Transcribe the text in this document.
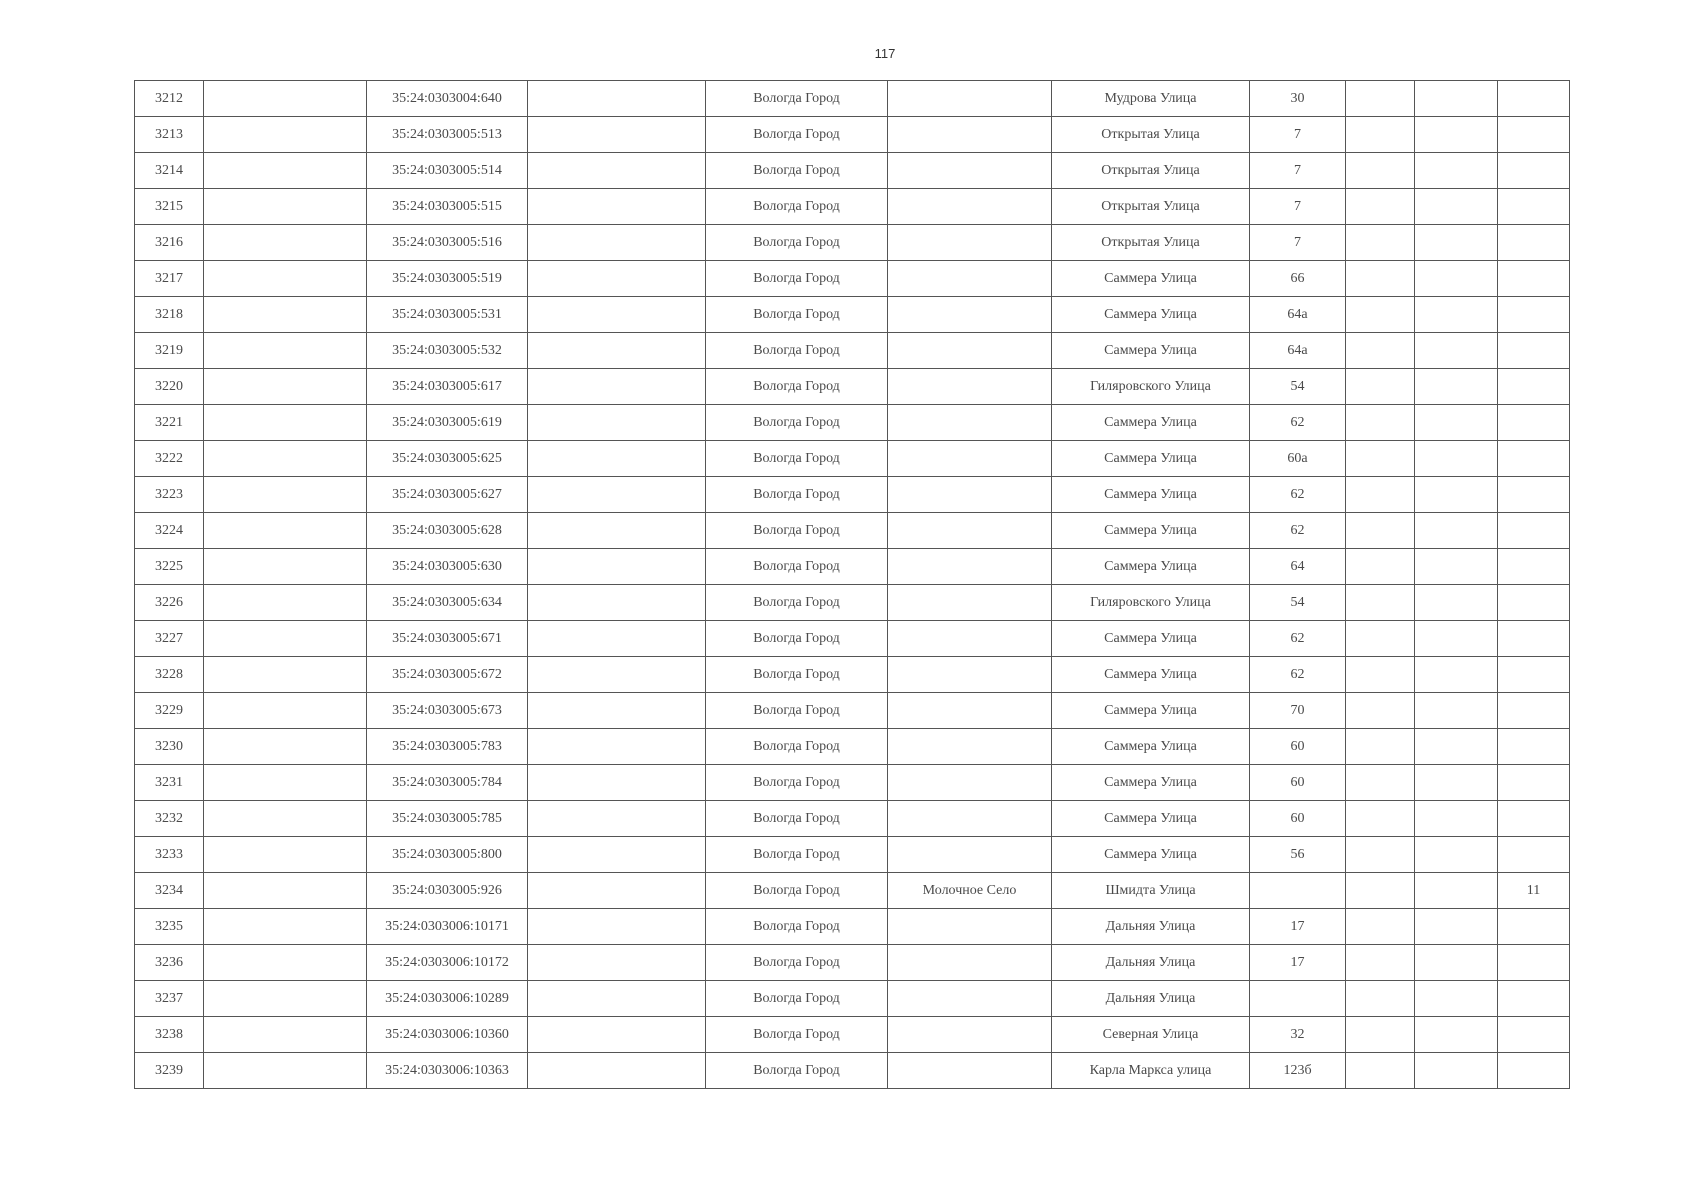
117
3212		35:24:0303004:640		Вологда Город		Мудрова Улица	30			
3213		35:24:0303005:513		Вологда Город		Открытая Улица	7			
3214		35:24:0303005:514		Вологда Город		Открытая Улица	7			
3215		35:24:0303005:515		Вологда Город		Открытая Улица	7			
3216		35:24:0303005:516		Вологда Город		Открытая Улица	7			
3217		35:24:0303005:519		Вологда Город		Саммера Улица	66			
3218		35:24:0303005:531		Вологда Город		Саммера Улица	64а			
3219		35:24:0303005:532		Вологда Город		Саммера Улица	64а			
3220		35:24:0303005:617		Вологда Город		Гиляровского Улица	54			
3221		35:24:0303005:619		Вологда Город		Саммера Улица	62			
3222		35:24:0303005:625		Вологда Город		Саммера Улица	60а			
3223		35:24:0303005:627		Вологда Город		Саммера Улица	62			
3224		35:24:0303005:628		Вологда Город		Саммера Улица	62			
3225		35:24:0303005:630		Вологда Город		Саммера Улица	64			
3226		35:24:0303005:634		Вологда Город		Гиляровского Улица	54			
3227		35:24:0303005:671		Вологда Город		Саммера Улица	62			
3228		35:24:0303005:672		Вологда Город		Саммера Улица	62			
3229		35:24:0303005:673		Вологда Город		Саммера Улица	70			
3230		35:24:0303005:783		Вологда Город		Саммера Улица	60			
3231		35:24:0303005:784		Вологда Город		Саммера Улица	60			
3232		35:24:0303005:785		Вологда Город		Саммера Улица	60			
3233		35:24:0303005:800		Вологда Город		Саммера Улица	56			
3234		35:24:0303005:926		Вологда Город	Молочное Село	Шмидта Улица				11
3235		35:24:0303006:10171		Вологда Город		Дальняя Улица	17			
3236		35:24:0303006:10172		Вологда Город		Дальняя Улица	17			
3237		35:24:0303006:10289		Вологда Город		Дальняя Улица				
3238		35:24:0303006:10360		Вологда Город		Северная Улица	32			
3239		35:24:0303006:10363		Вологда Город		Карла Маркса улица	123б			
